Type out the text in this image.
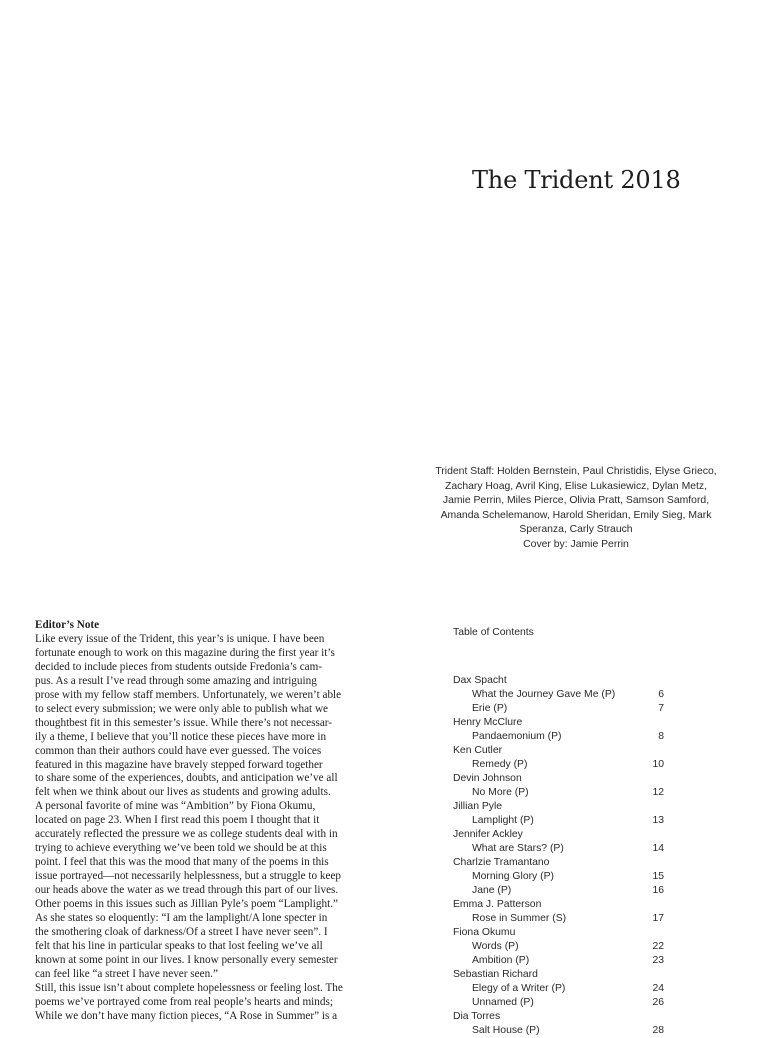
The Trident 2018
Trident Staff: Holden Bernstein, Paul Christidis, Elyse Grieco, Zachary Hoag, Avril King, Elise Lukasiewicz, Dylan Metz, Jamie Perrin, Miles Pierce, Olivia Pratt, Samson Samford, Amanda Schelemanow, Harold Sheridan, Emily Sieg, Mark Speranza, Carly Strauch
Cover by: Jamie Perrin
Editor’s Note
Like every issue of the Trident, this year’s is unique. I have been
fortunate enough to work on this magazine during the first year it’s
decided to include pieces from students outside Fredonia’s cam-
pus. As a result I’ve read through some amazing and intriguing
prose with my fellow staff members. Unfortunately, we weren’t able
to select every submission; we were only able to publish what we
thoughtbest fit in this semester’s issue. While there’s not necessar-
ily a theme, I believe that you’ll notice these pieces have more in
common than their authors could have ever guessed. The voices
featured in this magazine have bravely stepped forward together
to share some of the experiences, doubts, and anticipation we’ve all
felt when we think about our lives as students and growing adults.
A personal favorite of mine was “Ambition” by Fiona Okumu,
located on page 23. When I first read this poem I thought that it
accurately reflected the pressure we as college students deal with in
trying to achieve everything we’ve been told we should be at this
point. I feel that this was the mood that many of the poems in this
issue portrayed—not necessarily helplessness, but a struggle to keep
our heads above the water as we tread through this part of our lives.
Other poems in this issues such as Jillian Pyle’s poem “Lamplight.”
As she states so eloquently: “I am the lamplight/A lone specter in
the smothering cloak of darkness/Of a street I have never seen”. I
felt that his line in particular speaks to that lost feeling we’ve all
known at some point in our lives. I know personally every semester
can feel like “a street I have never seen.”
Still, this issue isn’t about complete hopelessness or feeling lost. The
poems we’ve portrayed come from real people’s hearts and minds;
While we don’t have many fiction pieces, “A Rose in Summer” is a
Table of Contents
Dax Spacht
What the Journey Gave Me (P)	6
Erie (P)	7
Henry McClure
Pandaemonium (P)	8
Ken Cutler
Remedy (P)	10
Devin Johnson
No More (P)	12
Jillian Pyle
Lamplight (P)	13
Jennifer Ackley
What are Stars? (P)	14
Charlzie Tramantano
Morning Glory (P)	15
Jane (P)	16
Emma J. Patterson
Rose in Summer (S)	17
Fiona Okumu
Words (P)	22
Ambition (P)	23
Sebastian Richard
Elegy of a Writer (P)	24
Unnamed (P)	26
Dia Torres
Salt House (P)	28
